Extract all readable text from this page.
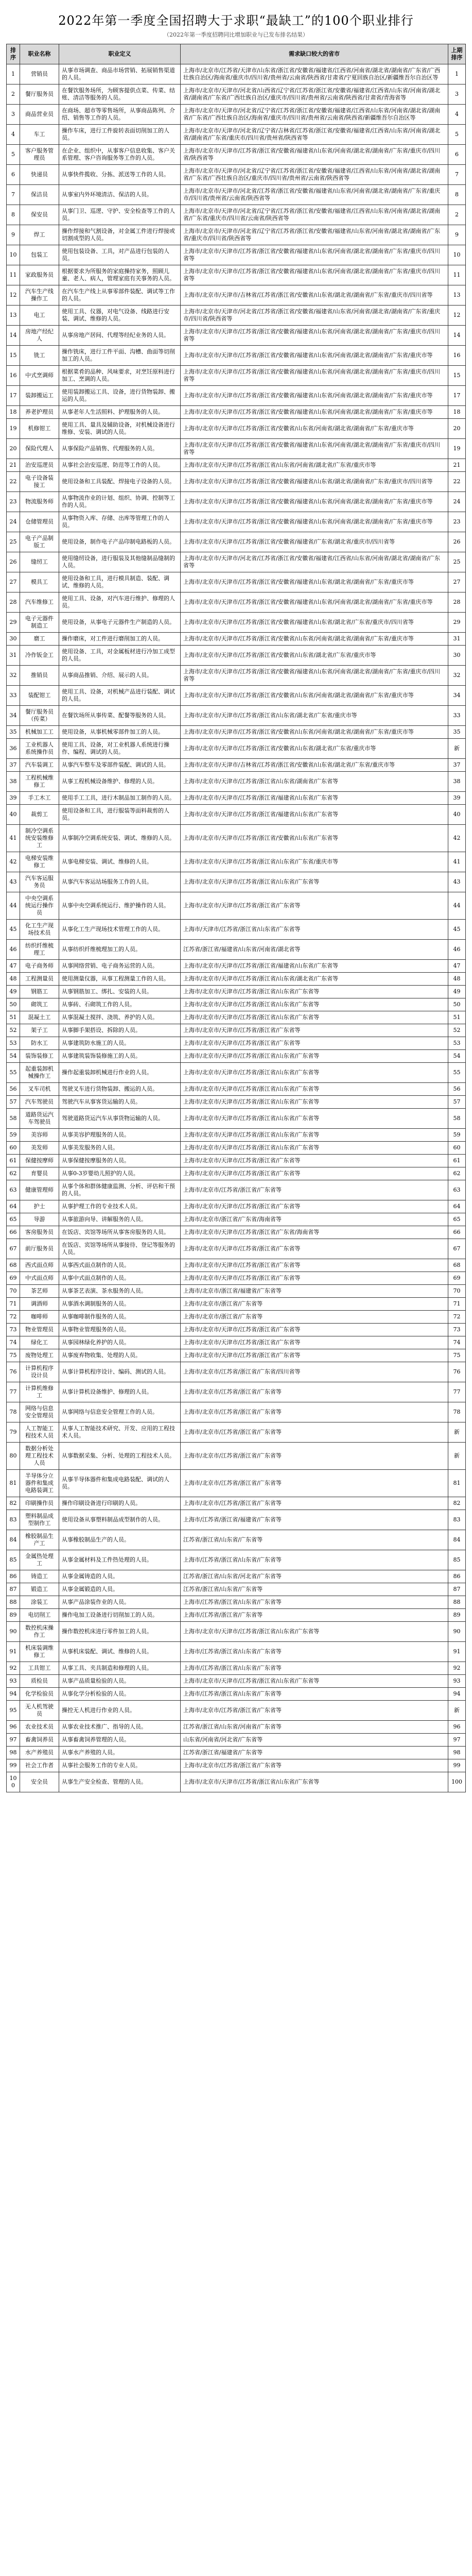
2022年第一季度全国招聘大于求职“最缺工”的100个职业排行
（2022年第一季度招聘同比增加职业与已发布排名结果）
排序	职业名称	职业定义	需求缺口较大的省市	上期排序
1	营销员	从事市场调查、商品市场营销、拓展销售渠道的人员。	上海市/北京市/江苏省/天津市/山东省/浙江省/安徽省/福建省/江西省/河南省/湖北省/湖南省/广东省/广西壮族自治区/海南省/重庆市/四川省/贵州省/云南省/陕西省/甘肃省/宁夏回族自治区/新疆维吾尔自治区等	1
2	餐厅服务员	在餐饮服务场所，为顾客提供点菜、传菜、结账、清洁等服务的人员。	上海市/北京市/天津市/河北省/山西省/辽宁省/江苏省/浙江省/安徽省/福建省/江西省/山东省/河南省/湖北省/湖南省/广东省/广西壮族自治区/重庆市/四川省/贵州省/云南省/陕西省/甘肃省/青海省等	3
3	商品营业员	在商场、超市等零售场所，从事商品陈列、介绍、销售等工作的人员。	上海市/北京市/天津市/河北省/辽宁省/江苏省/浙江省/安徽省/福建省/江西省/山东省/河南省/湖北省/湖南省/广东省/广西壮族自治区/海南省/重庆市/四川省/贵州省/云南省/陕西省/新疆维吾尔自治区等	4
4	车工	操作车床，进行工件旋转表面切削加工的人员。	上海市/北京市/天津市/河北省/辽宁省/吉林省/江苏省/浙江省/安徽省/福建省/江西省/山东省/河南省/湖北省/湖南省/广东省/重庆市/四川省/贵州省/陕西省等	5
5	客户服务管理员	在企业、组织中，从事客户信息收集、客户关系管理、客户咨询服务等工作的人员。	上海市/北京市/天津市/江苏省/浙江省/安徽省/福建省/山东省/河南省/湖北省/湖南省/广东省/重庆市/四川省/陕西省等	6
6	快递员	从事快件揽收、分拣、派送等工作的人员。	上海市/北京市/天津市/河北省/辽宁省/江苏省/浙江省/安徽省/福建省/江西省/山东省/河南省/湖北省/湖南省/广东省/广西壮族自治区/重庆市/四川省/贵州省/云南省/陕西省等	7
7	保洁员	从事室内外环境清洁、保洁的人员。	上海市/北京市/天津市/河北省/江苏省/浙江省/安徽省/福建省/山东省/河南省/湖北省/湖南省/广东省/重庆市/四川省/贵州省/云南省/陕西省等	8
8	保安员	从事门卫、巡逻、守护、安全检查等工作的人员。	上海市/北京市/天津市/河北省/辽宁省/江苏省/浙江省/安徽省/福建省/江西省/山东省/河南省/湖北省/湖南省/广东省/重庆市/四川省/云南省/陕西省等	2
9	焊工	操作焊接和气割设备，对金属工件进行焊接或切割成型的人员。	上海市/北京市/天津市/河北省/辽宁省/江苏省/浙江省/安徽省/福建省/山东省/河南省/湖北省/湖南省/广东省/重庆市/四川省/陕西省等	9
10	包装工	使用包装设备、工具，对产品进行包装的人员。	上海市/北京市/天津市/江苏省/浙江省/安徽省/福建省/山东省/河南省/湖北省/湖南省/广东省/重庆市/四川省等	10
11	家政服务员	根据要求为所服务的家庭操持家务，照顾儿童、老人、病人，管理家庭有关事务的人员。	上海市/北京市/天津市/江苏省/浙江省/安徽省/福建省/山东省/河南省/湖北省/湖南省/广东省/重庆市/四川省等	11
12	汽车生产线操作工	在汽车生产线上从事零部件装配、调试等工作的人员。	上海市/北京市/天津市/吉林省/江苏省/浙江省/安徽省/山东省/湖北省/湖南省/广东省/重庆市/四川省等	13
13	电工	使用工具、仪器，对电气设备、线路进行安装、调试、维修的人员。	上海市/北京市/天津市/河北省/江苏省/浙江省/安徽省/福建省/山东省/河南省/湖北省/湖南省/广东省/重庆市/四川省/陕西省等	12
14	房地产经纪人	从事房地产居间、代理等经纪业务的人员。	上海市/北京市/天津市/江苏省/浙江省/安徽省/福建省/山东省/河南省/湖北省/湖南省/广东省/重庆市/四川省等	14
15	铣工	操作铣床，进行工件平面、沟槽、曲面等切削加工的人员。	上海市/北京市/天津市/江苏省/浙江省/安徽省/福建省/山东省/河南省/湖北省/湖南省/广东省/重庆市等	16
16	中式烹调师	根据菜肴的品种、风味要求，对烹饪原料进行加工、烹调的人员。	上海市/北京市/天津市/江苏省/浙江省/安徽省/福建省/山东省/河南省/湖北省/湖南省/广东省/重庆市/四川省等	15
17	装卸搬运工	使用装卸搬运工具、设备，进行货物装卸、搬运的人员。	上海市/北京市/天津市/江苏省/浙江省/安徽省/福建省/山东省/河南省/湖北省/湖南省/广东省/重庆市等	17
18	养老护理员	从事老年人生活照料、护理服务的人员。	上海市/北京市/天津市/江苏省/浙江省/安徽省/福建省/山东省/河南省/湖北省/湖南省/广东省/重庆市等	18
19	机修钳工	使用工具、量具及辅助设备，对机械设备进行维修、安装、调试的人员。	上海市/北京市/天津市/江苏省/浙江省/安徽省/山东省/河南省/湖北省/湖南省/广东省/重庆市等	20
20	保险代理人	从事保险产品销售、代理服务的人员。	上海市/北京市/天津市/江苏省/浙江省/安徽省/福建省/山东省/河南省/湖北省/湖南省/广东省/重庆市/四川省等	19
21	治安巡逻员	从事社会治安巡逻、防范等工作的人员。	上海市/北京市/天津市/江苏省/浙江省/山东省/河南省/湖北省/广东省/重庆市等	21
22	电子设备装接工	使用设备和工具装配、焊接电子设备的人员。	上海市/北京市/天津市/江苏省/浙江省/安徽省/福建省/山东省/湖北省/湖南省/广东省/重庆市/四川省等	22
23	物流服务师	从事物流作业的计划、组织、协调、控制等工作的人员。	上海市/北京市/天津市/江苏省/浙江省/安徽省/福建省/山东省/河南省/湖北省/湖南省/广东省/重庆市等	24
24	仓储管理员	从事物资入库、存储、出库等管理工作的人员。	上海市/北京市/天津市/江苏省/浙江省/安徽省/福建省/山东省/河南省/湖北省/湖南省/广东省/重庆市等	23
25	电子产品制版工	使用设备，制作电子产品印制电路板的人员。	上海市/北京市/天津市/江苏省/浙江省/安徽省/福建省/广东省/湖北省/重庆市/四川省等	26
26	缝纫工	使用缝纫设备，进行服装及其他缝制品缝制的人员。	上海市/北京市/天津市/河北省/江苏省/浙江省/安徽省/福建省/江西省/山东省/河南省/湖北省/湖南省/广东省等	25
27	模具工	使用设备和工具，进行模具制造、装配、调试、维修的人员。	上海市/北京市/天津市/江苏省/浙江省/安徽省/福建省/山东省/湖北省/湖南省/广东省/重庆市等	27
28	汽车维修工	使用工具、设备，对汽车进行维护、修理的人员。	上海市/北京市/天津市/江苏省/浙江省/安徽省/福建省/山东省/河南省/湖北省/湖南省/广东省/重庆市等	28
29	电子元器件制造工	使用设备，从事电子元器件生产制造的人员。	上海市/北京市/天津市/江苏省/浙江省/安徽省/福建省/山东省/湖北省/广东省/重庆市/四川省等	29
30	磨工	操作磨床，对工件进行磨削加工的人员。	上海市/北京市/天津市/江苏省/浙江省/安徽省/山东省/河南省/湖北省/湖南省/广东省/重庆市等	31
31	冷作钣金工	使用设备、工具，对金属板材进行冷加工成型的人员。	上海市/北京市/天津市/江苏省/浙江省/安徽省/山东省/湖北省/广东省/重庆市等	30
32	推销员	从事商品推销、介绍、展示的人员。	上海市/北京市/天津市/江苏省/浙江省/安徽省/福建省/山东省/河南省/湖北省/湖南省/广东省/重庆市/四川省等	32
33	装配钳工	使用工具、设备，对机械产品进行装配、调试的人员。	上海市/北京市/天津市/江苏省/浙江省/安徽省/山东省/河南省/湖北省/湖南省/广东省/重庆市等	34
34	餐厅服务员（传菜）	在餐饮场所从事传菜、配餐等服务的人员。	上海市/北京市/天津市/江苏省/浙江省/山东省/湖北省/广东省/重庆市等	33
35	机械加工工	使用设备，从事机械零部件加工的人员。	上海市/北京市/天津市/江苏省/浙江省/安徽省/山东省/河南省/湖北省/湖南省/广东省/重庆市等	35
36	工业机器人系统操作员	使用工具、设备，对工业机器人系统进行操作、编程、调试的人员。	上海市/北京市/天津市/江苏省/浙江省/安徽省/山东省/湖北省/广东省/重庆市等	新
37	汽车装调工	从事汽车整车及零部件装配、调试的人员。	上海市/北京市/天津市/吉林省/江苏省/浙江省/安徽省/山东省/湖北省/广东省/重庆市等	37
38	工程机械维修工	从事工程机械设备维护、修理的人员。	上海市/北京市/天津市/江苏省/浙江省/山东省/湖南省/广东省等	38
39	手工木工	使用手工工具，进行木制品加工制作的人员。	上海市/北京市/天津市/江苏省/浙江省/福建省/山东省/广东省等	39
40	裁剪工	使用设备和工具，进行服装等面料裁剪的人员。	上海市/北京市/天津市/江苏省/浙江省/福建省/山东省/广东省等	40
41	制冷空调系统安装维修工	从事制冷空调系统安装、调试、维修的人员。	上海市/北京市/天津市/江苏省/浙江省/安徽省/山东省/广东省等	42
42	电梯安装维修工	从事电梯安装、调试、维修的人员。	上海市/北京市/天津市/江苏省/浙江省/山东省/广东省/重庆市等	41
43	汽车客运服务员	从事汽车客运站场服务工作的人员。	上海市/北京市/天津市/江苏省/浙江省/山东省/广东省等	43
44	中央空调系统运行操作员	从事中央空调系统运行、维护操作的人员。	上海市/北京市/天津市/江苏省/浙江省/广东省等	44
45	化工生产现场技术员	从事化工生产现场技术管理工作的人员。	上海市/天津市/江苏省/浙江省/山东省/广东省等	45
46	纺织纤维梳理工	从事纺织纤维梳理加工的人员。	江苏省/浙江省/福建省/山东省/河南省/湖北省等	46
47	电子商务师	从事网络营销、电子商务运营的人员。	上海市/北京市/天津市/江苏省/浙江省/福建省/山东省/广东省等	47
48	工程测量员	使用测量仪器，从事工程测量工作的人员。	上海市/北京市/天津市/江苏省/浙江省/山东省/湖北省/广东省等	48
49	钢筋工	从事钢筋加工、绑扎、安装的人员。	上海市/北京市/天津市/江苏省/浙江省/山东省/广东省等	49
50	砌筑工	从事砖、石砌筑工作的人员。	上海市/北京市/天津市/江苏省/浙江省/山东省/广东省等	50
51	混凝土工	从事混凝土搅拌、浇筑、养护的人员。	上海市/北京市/天津市/江苏省/浙江省/山东省/广东省等	51
52	架子工	从事脚手架搭设、拆除的人员。	上海市/北京市/天津市/江苏省/浙江省/广东省等	52
53	防水工	从事建筑防水施工的人员。	上海市/北京市/天津市/江苏省/浙江省/广东省等	53
54	装饰装修工	从事建筑装饰装修施工的人员。	上海市/北京市/天津市/江苏省/浙江省/山东省/广东省等	54
55	起重装卸机械操作工	操作起重装卸机械进行作业的人员。	上海市/北京市/天津市/江苏省/浙江省/山东省/广东省等	55
56	叉车司机	驾驶叉车进行货物装卸、搬运的人员。	上海市/北京市/天津市/江苏省/浙江省/山东省/广东省等	56
57	汽车驾驶员	驾驶汽车从事客货运输的人员。	上海市/北京市/天津市/江苏省/浙江省/山东省/广东省等	57
58	道路货运汽车驾驶员	驾驶道路货运汽车从事货物运输的人员。	上海市/北京市/天津市/江苏省/浙江省/山东省/广东省等	58
59	美容师	从事美容护理服务的人员。	上海市/北京市/天津市/江苏省/浙江省/山东省/广东省等	59
60	美发师	从事美发服务的人员。	上海市/北京市/天津市/江苏省/浙江省/山东省/广东省等	60
61	保健按摩师	从事保健按摩服务的人员。	上海市/北京市/天津市/江苏省/浙江省/广东省等	61
62	育婴员	从事0-3岁婴幼儿照护的人员。	上海市/北京市/天津市/江苏省/浙江省/广东省等	62
63	健康管理师	从事个体和群体健康监测、分析、评估和干预的人员。	上海市/北京市/江苏省/浙江省/广东省等	63
64	护士	从事护理工作的专业技术人员。	上海市/北京市/天津市/江苏省/浙江省/广东省等	64
65	导游	从事旅游向导、讲解服务的人员。	上海市/北京市/浙江省/广东省/海南省等	65
66	客房服务员	在饭店、宾馆等场所从事客房服务的人员。	上海市/北京市/天津市/江苏省/浙江省/广东省/海南省等	66
67	前厅服务员	在饭店、宾馆等场所从事接待、登记等服务的人员。	上海市/北京市/天津市/江苏省/浙江省/广东省等	67
68	西式面点师	从事西式面点制作的人员。	上海市/北京市/天津市/江苏省/浙江省/广东省等	68
69	中式面点师	从事中式面点制作的人员。	上海市/北京市/天津市/江苏省/浙江省/广东省等	69
70	茶艺师	从事茶艺表演、茶水服务的人员。	上海市/北京市/浙江省/福建省/广东省等	70
71	调酒师	从事酒水调制服务的人员。	上海市/北京市/浙江省/广东省等	71
72	咖啡师	从事咖啡制作服务的人员。	上海市/北京市/浙江省/广东省等	72
73	物业管理员	从事物业管理服务的人员。	上海市/北京市/天津市/江苏省/浙江省/广东省等	73
74	绿化工	从事园林绿化养护的人员。	上海市/北京市/天津市/江苏省/浙江省/广东省等	74
75	废物处理工	从事废弃物收集、处理的人员。	上海市/北京市/天津市/江苏省/浙江省/广东省等	75
76	计算机程序设计员	从事计算机程序设计、编码、测试的人员。	上海市/北京市/江苏省/浙江省/广东省/四川省等	76
77	计算机维修工	从事计算机设备维护、修理的人员。	上海市/北京市/江苏省/浙江省/广东省等	77
78	网络与信息安全管理员	从事网络与信息安全管理工作的人员。	上海市/北京市/江苏省/浙江省/广东省等	78
79	人工智能工程技术人员	从事人工智能技术研究、开发、应用的工程技术人员。	上海市/北京市/江苏省/浙江省/广东省等	新
80	数据分析处理工程技术人员	从事数据采集、分析、处理的工程技术人员。	上海市/北京市/江苏省/浙江省/广东省等	新
81	半导体分立器件和集成电路装调工	从事半导体器件和集成电路装配、调试的人员。	上海市/北京市/江苏省/浙江省/广东省等	81
82	印刷操作员	操作印刷设备进行印刷的人员。	上海市/北京市/江苏省/浙江省/广东省等	82
83	塑料制品成型制作工	使用设备从事塑料制品成型制作的人员。	上海市/江苏省/浙江省/福建省/广东省等	83
84	橡胶制品生产工	从事橡胶制品生产的人员。	江苏省/浙江省/山东省/广东省等	84
85	金属热处理工	从事金属材料及工件热处理的人员。	上海市/江苏省/浙江省/山东省/广东省等	85
86	铸造工	从事金属铸造的人员。	江苏省/浙江省/山东省/河北省/广东省等	86
87	锻造工	从事金属锻造的人员。	江苏省/浙江省/山东省/广东省等	87
88	涂装工	从事产品涂装作业的人员。	上海市/江苏省/浙江省/山东省/广东省等	88
89	电切削工	操作电加工设备进行切削加工的人员。	上海市/江苏省/浙江省/广东省等	89
90	数控机床操作工	操作数控机床进行零件加工的人员。	上海市/北京市/天津市/江苏省/浙江省/山东省/广东省等	90
91	机床装调维修工	从事机床装配、调试、维修的人员。	上海市/江苏省/浙江省/山东省/广东省等	91
92	工具钳工	从事工具、夹具制造和修理的人员。	上海市/江苏省/浙江省/山东省/广东省等	92
93	质检员	从事产品质量检验的人员。	上海市/北京市/天津市/江苏省/浙江省/山东省/广东省等	93
94	化学检验员	从事化学分析检验的人员。	上海市/江苏省/浙江省/山东省/广东省等	94
95	无人机驾驶员	操控无人机进行作业的人员。	上海市/北京市/江苏省/浙江省/广东省等	新
96	农业技术员	从事农业技术推广、指导的人员。	江苏省/浙江省/山东省/河南省/广东省等	96
97	畜禽饲养员	从事畜禽饲养管理的人员。	山东省/河南省/河北省/广东省等	97
98	水产养殖员	从事水产养殖的人员。	江苏省/浙江省/福建省/广东省等	98
99	社会工作者	从事社会服务工作的专业人员。	上海市/北京市/江苏省/浙江省/广东省等	99
100	安全员	从事生产安全检查、管理的人员。	上海市/北京市/天津市/江苏省/浙江省/山东省/广东省等	100
